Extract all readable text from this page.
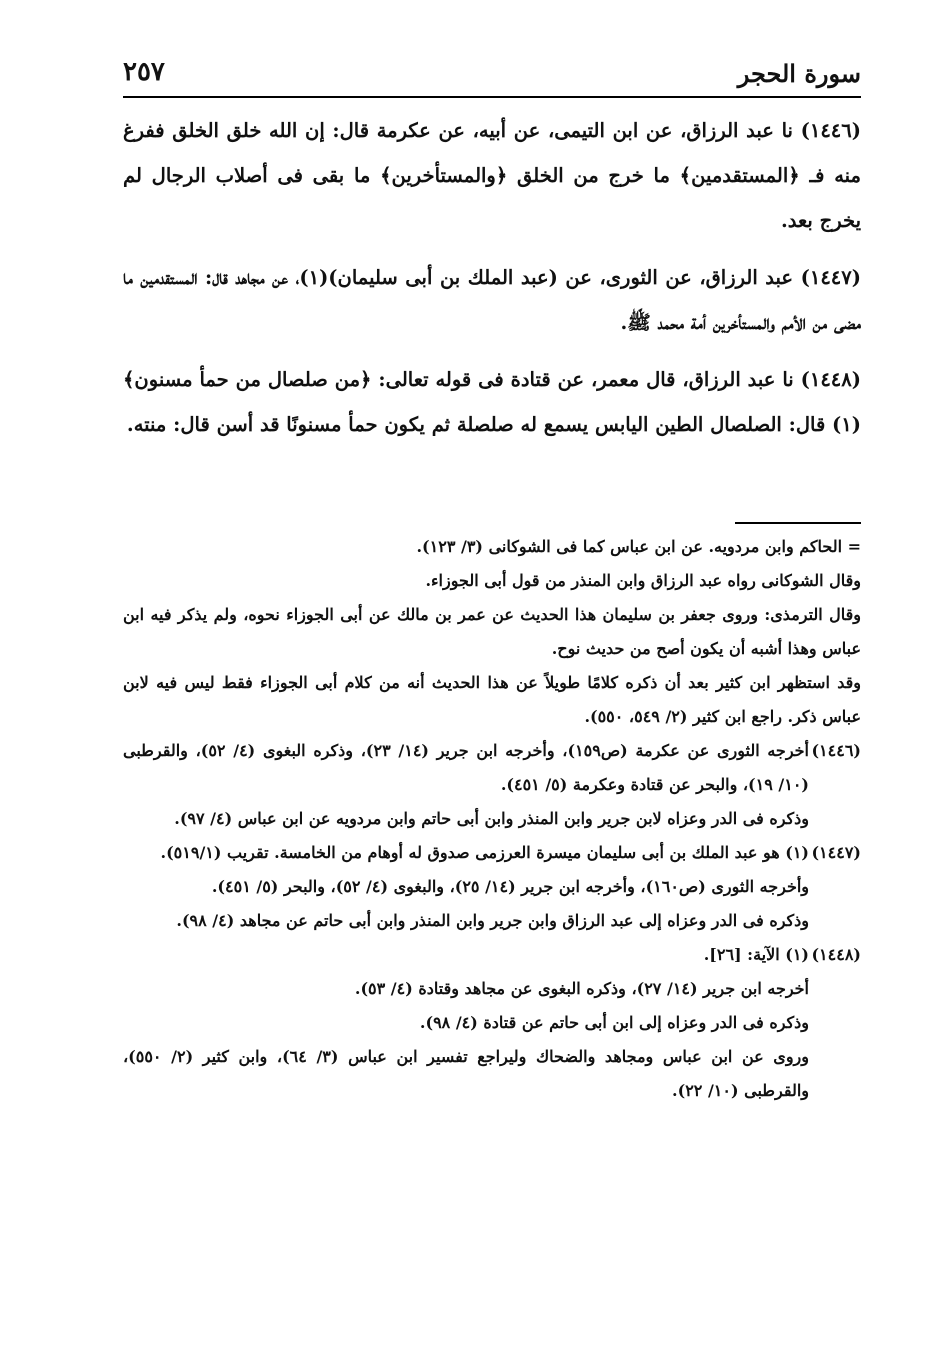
سورة الحجر
٢٥٧

(١٤٤٦) نا عبد الرزاق، عن ابن التيمى، عن أبيه، عن عكرمة قال: إن الله خلق الخلق ففرغ منه فـ ﴿المستقدمين﴾ ما خرج من الخلق ﴿والمستأخرين﴾ ما بقى فى أصلاب الرجال لم يخرج بعد.

(١٤٤٧) عبد الرزاق، عن الثورى، عن (عبد الملك بن أبى سليمان)(١)، عن مجاهد قال: المستقدمين ما مضى من الأمم والمستأخرين أمة محمد ﷺ.

(١٤٤٨) نا عبد الرزاق، قال معمر، عن قتادة فى قوله تعالى: ﴿من صلصال من حمأ مسنون﴾(١) قال: الصلصال الطين اليابس يسمع له صلصلة ثم يكون حمأ مسنونًا قد أسن قال: منته.

= الحاكم وابن مردويه. عن ابن عباس كما فى الشوكانى (٣/ ١٢٣).
وقال الشوكانى رواه عبد الرزاق وابن المنذر من قول أبى الجوزاء.
وقال الترمذى: وروى جعفر بن سليمان هذا الحديث عن عمر بن مالك عن أبى الجوزاء نحوه، ولم يذكر فيه ابن عباس وهذا أشبه أن يكون أصح من حديث نوح.
وقد استظهر ابن كثير بعد أن ذكره كلامًا طويلاً عن هذا الحديث أنه من كلام أبى الجوزاء فقط ليس فيه لابن عباس ذكر. راجع ابن كثير (٢/ ٥٤٩، ٥٥٠).
(١٤٤٦)
أخرجه الثورى عن عكرمة (ص١٥٩)، وأخرجه ابن جرير (١٤/ ٢٣)، وذكره البغوى (٤/ ٥٢)، والقرطبى (١٠/ ١٩)، والبحر عن قتادة وعكرمة (٥/ ٤٥١).
وذكره فى الدر وعزاه لابن جرير وابن المنذر وابن أبى حاتم وابن مردويه عن ابن عباس (٤/ ٩٧).
(١٤٤٧)
(١) هو عبد الملك بن أبى سليمان ميسرة العرزمى صدوق له أوهام من الخامسة. تقريب (٥١٩/١).
وأخرجه الثورى (ص١٦٠)، وأخرجه ابن جرير (١٤/ ٢٥)، والبغوى (٤/ ٥٢)، والبحر (٥/ ٤٥١).
وذكره فى الدر وعزاه إلى عبد الرزاق وابن جرير وابن المنذر وابن أبى حاتم عن مجاهد (٤/ ٩٨).
(١٤٤٨)
(١) الآية: [٢٦].
أخرجه ابن جرير (١٤/ ٢٧)، وذكره البغوى عن مجاهد وقتادة (٤/ ٥٣).
وذكره فى الدر وعزاه إلى ابن أبى حاتم عن قتادة (٤/ ٩٨).
وروى عن ابن عباس ومجاهد والضحاك وليراجع تفسير ابن عباس (٣/ ٦٤)، وابن كثير (٢/ ٥٥٠)، والقرطبى (١٠/ ٢٢).
